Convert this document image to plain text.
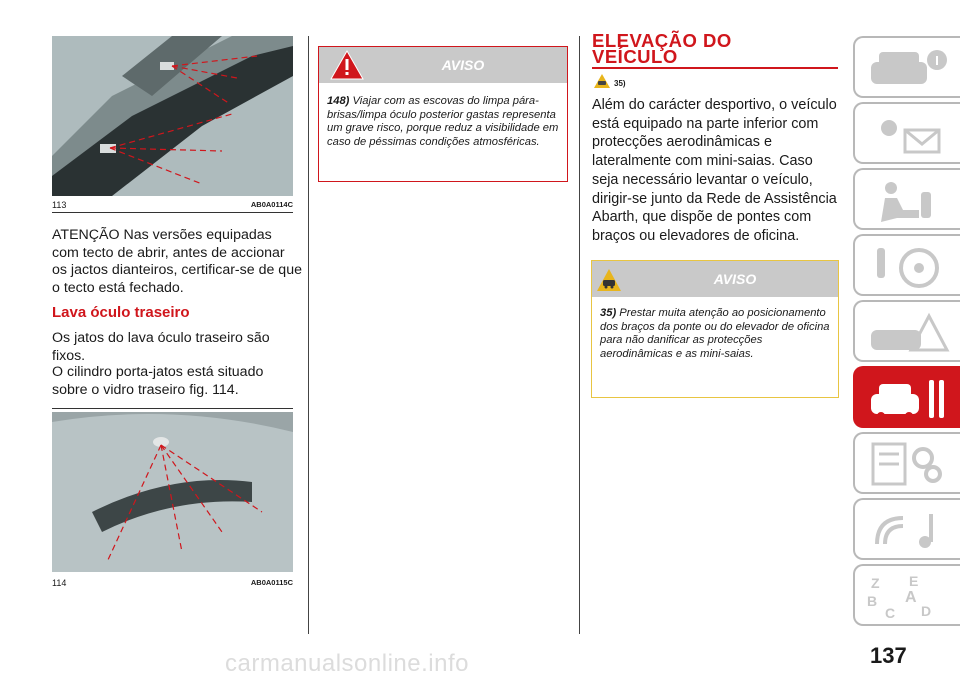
113	AB0A0114C
ATENÇÃO Nas versões equipadas com tecto de abrir, antes de accionar os jactos dianteiros, certificar-se de que o tecto está fechado.
Lava óculo traseiro
Os jatos do lava óculo traseiro são fixos.
O cilindro porta-jatos está situado sobre o vidro traseiro fig. 114.
114	AB0A0115C
AVISO
148) Viajar com as escovas do limpa pára-brisas/limpa óculo posterior gastas representa um grave risco, porque reduz a visibilidade em caso de péssimas condições atmosféricas.
ELEVAÇÃO DO VEÍCULO
35)
Além do carácter desportivo, o veículo está equipado na parte inferior com protecções aerodinâmicas e lateralmente com mini-saias. Caso seja necessário levantar o veículo, dirigir-se junto da Rede de Assistência Abarth, que dispõe de pontes com braços ou elevadores de oficina.
AVISO
35) Prestar muita atenção ao posicionamento dos braços da ponte ou do elevador de oficina para não danificar as protecções aerodinâmicas e as mini-saias.
Z E
B A
C D
137
carmanualsonline.info
